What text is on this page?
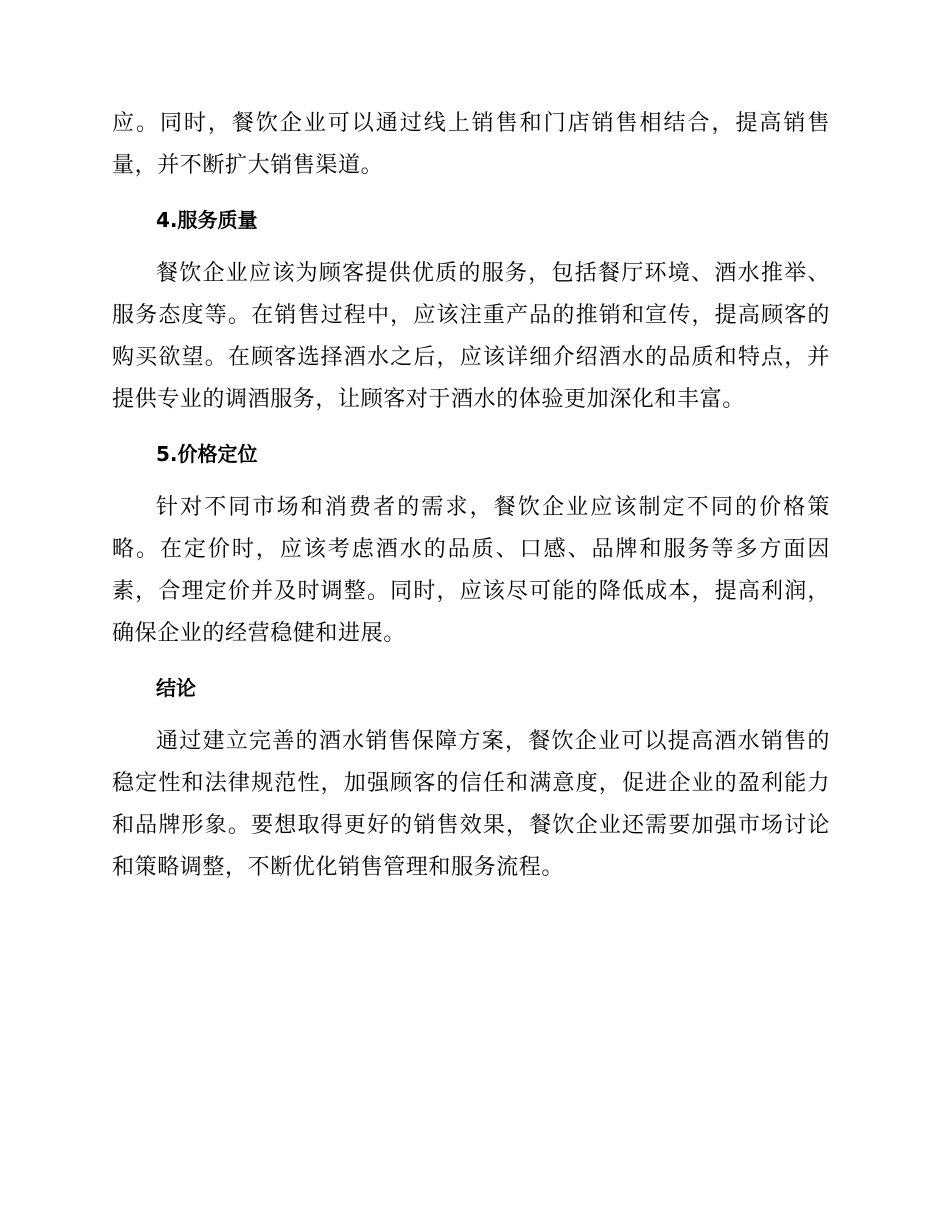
应。同时，餐饮企业可以通过线上销售和门店销售相结合，提高销售量，并不断扩大销售渠道。

4.服务质量

餐饮企业应该为顾客提供优质的服务，包括餐厅环境、酒水推举、服务态度等。在销售过程中，应该注重产品的推销和宣传，提高顾客的购买欲望。在顾客选择酒水之后，应该详细介绍酒水的品质和特点，并提供专业的调酒服务，让顾客对于酒水的体验更加深化和丰富。

5.价格定位

针对不同市场和消费者的需求，餐饮企业应该制定不同的价格策略。在定价时，应该考虑酒水的品质、口感、品牌和服务等多方面因素，合理定价并及时调整。同时，应该尽可能的降低成本，提高利润，确保企业的经营稳健和进展。

结论

通过建立完善的酒水销售保障方案，餐饮企业可以提高酒水销售的稳定性和法律规范性，加强顾客的信任和满意度，促进企业的盈利能力和品牌形象。要想取得更好的销售效果，餐饮企业还需要加强市场讨论和策略调整，不断优化销售管理和服务流程。
